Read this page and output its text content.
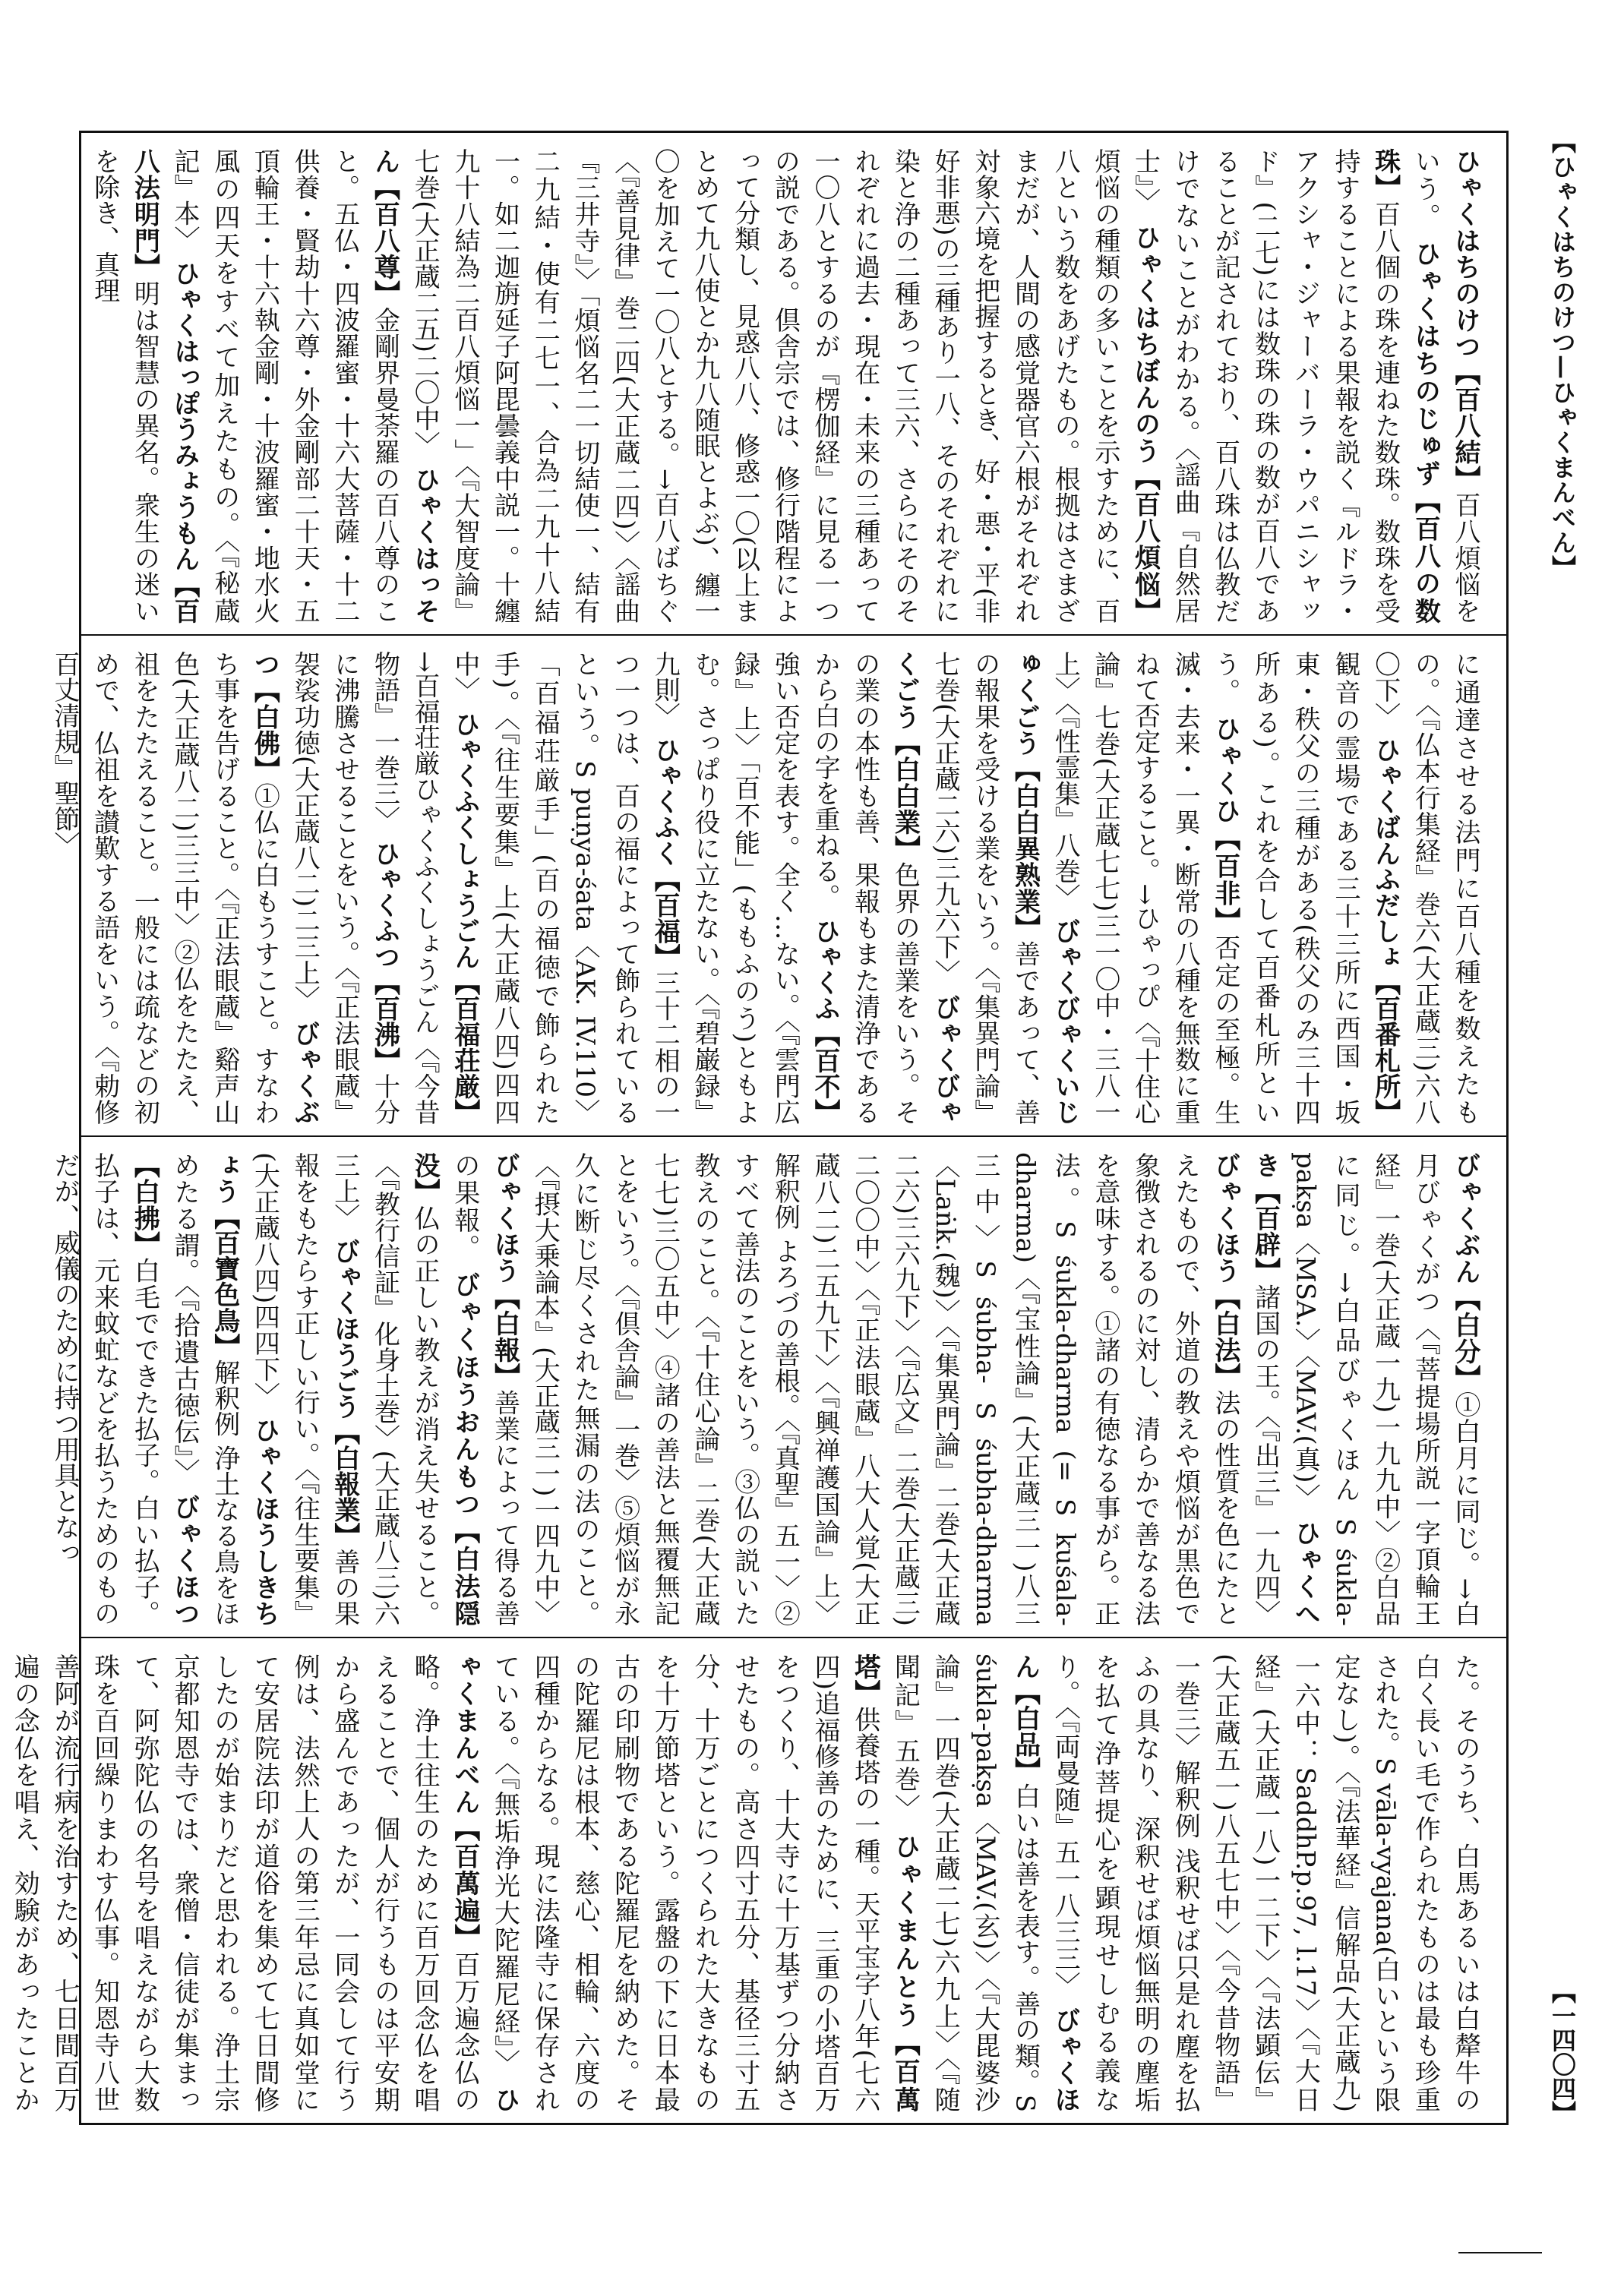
【ひゃくはちのけつ—ひゃくまんべん】
ひゃくはちのけつ【百八結】百八煩悩をいう。 ひゃくはちのじゅず【百八の数珠】百八個の珠を連ねた数珠。数珠を受持することによる果報を説く『ルドラ・アクシャ・ジャーバーラ・ウパニシャッド』(二七)には数珠の珠の数が百八であることが記されており、百八珠は仏教だけでないことがわかる。〈謡曲『自然居士』〉 ひゃくはちぼんのう【百八煩悩】煩悩の種類の多いことを示すために、百八という数をあげたもの。根拠はさまざまだが、人間の感覚器官六根がそれぞれ対象六境を把握するとき、好・悪・平(非好非悪)の三種あり一八、そのそれぞれに染と浄の二種あって三六、さらにそのそれぞれに過去・現在・未来の三種あって一〇八とするのが『楞伽経』に見る一つの説である。倶舎宗では、修行階程によって分類し、見惑八八、修惑一〇(以上まとめて九八使とか九八随眠とよぶ)、纏一〇を加えて一〇八とする。→百八ばちぐ〈『善見律』巻二四(大正蔵二四)〉〈謡曲『三井寺』〉「煩悩名二一切結使一、結有二九結・使有二七一、合為二九十八結一。如二迦旃延子阿毘曇義中説一。十纏九十八結為二百八煩悩一」〈『大智度論』七巻(大正蔵二五)二〇中〉 ひゃくはっそん【百八尊】金剛界曼荼羅の百八尊のこと。五仏・四波羅蜜・十六大菩薩・十二供養・賢劫十六尊・外金剛部二十天・五頂輪王・十六執金剛・十波羅蜜・地水火風の四天をすべて加えたもの。〈『秘蔵記』本〉 ひゃくはっぽうみょうもん【百八法明門】明は智慧の異名。衆生の迷いを除き、真理
に通達させる法門に百八種を数えたもの。〈『仏本行集経』巻六(大正蔵三)六八〇下〉 ひゃくばんふだしょ【百番札所】観音の霊場である三十三所に西国・坂東・秩父の三種がある(秩父のみ三十四所ある)。これを合して百番札所という。 ひゃくひ【百非】否定の至極。生滅・去来・一異・断常の八種を無数に重ねて否定すること。→ひゃっぴ〈『十住心論』七巻(大正蔵七七)三一〇中・三八一上〉〈『性霊集』八巻〉 びゃくびゃくいじゅくごう【白白異熟業】善であって、善の報果を受ける業をいう。〈『集異門論』七巻(大正蔵二六)三九六下〉 びゃくびゃくごう【白白業】色界の善業をいう。その業の本性も善、果報もまた清浄であるから白の字を重ねる。 ひゃくふ【百不】強い否定を表す。全く…ない。〈『雲門広録』上〉「百不能」(ももふのう)ともよむ。さっぱり役に立たない。〈『碧巌録』九則〉 ひゃくふく【百福】三十二相の一つ一つは、百の福によって飾られているという。S puṇya-śata〈AK. IV.110〉「百福荘厳手」(百の福徳で飾られた手)。〈『往生要集』上(大正蔵八四)四四中〉 ひゃくふくしょうごん【百福荘厳】→百福荘厳ひゃくふくしょうごん〈『今昔物語』一巻三〉 ひゃくふつ【百沸】十分に沸騰させることをいう。〈『正法眼蔵』袈裟功徳(大正蔵八二)二三上〉 びゃくぶつ【白佛】①仏に白もうすこと。すなわち事を告げること。〈『正法眼蔵』谿声山色(大正蔵八二)三三中〉②仏をたたえ、祖をたたえること。一般には疏などの初めで、仏祖を讃歎する語をいう。〈『勅修百丈清規』聖節〉
びゃくぶん【白分】①白月に同じ。→白月びゃくがつ〈『菩提場所説一字頂輪王経』一巻(大正蔵一九)一九九中〉②白品に同じ。→白品びゃくほん S śukla-pakṣa〈MSA.〉〈MAV.(真)〉 ひゃくへき【百辟】諸国の王。〈『出三』一九四〉 びゃくほう【白法】法の性質を色にたとえたもので、外道の教えや煩悩が黒色で象徴されるのに対し、清らかで善なる法を意味する。①諸の有徳なる事がら。正法。S śukla-dharma (= S kuśala-dharma)〈『宝性論』(大正蔵三一)八三三中〉S śubha- S śubha-dharma〈Laṅk.(魏)〉〈『集異門論』二巻(大正蔵二六)三六九下〉〈『広文』二巻(大正蔵三)二〇〇中〉〈『正法眼蔵』八大人覚(大正蔵八二)二五九下〉〈『興禅護国論』上〉解釈例 よろづの善根。〈『真聖』五一〉②すべて善法のことをいう。③仏の説いた教えのこと。〈『十住心論』二巻(大正蔵七七)三〇五中〉④諸の善法と無覆無記とをいう。〈『倶舎論』一巻〉⑤煩悩が永久に断じ尽くされた無漏の法のこと。〈『摂大乗論本』(大正蔵三一)一四九中〉 びゃくほう【白報】善業によって得る善の果報。 びゃくほうおんもつ【白法隠没】仏の正しい教えが消え失せること。〈『教行信証』化身土巻〉(大正蔵八三)六三上〉 びゃくほうごう【白報業】善の果報をもたらす正しい行い。〈『往生要集』(大正蔵八四)四四下〉 ひゃくほうしきちょう【百寶色鳥】解釈例 浄土なる鳥をほめたる謂。〈『拾遺古徳伝』〉 びゃくほつ【白拂】白毛でできた払子。白い払子。払子は、元来蚊虻などを払うためのものだが、威儀のために持つ用具となっ
た。そのうち、白馬あるいは白犛牛の白く長い毛で作られたものは最も珍重された。S vāla-vyajana(白いという限定なし)。〈『法華経』信解品(大正蔵九)一六中：SaddhP.p.97, l.17〉〈『大日経』(大正蔵一八)一二下〉〈『法顕伝』(大正蔵五一)八五七中〉〈『今昔物語』一巻三〉解釈例 浅釈せば只是れ塵を払ふの具なり、深釈せば煩悩無明の塵垢を払て浄菩提心を顕現せしむる義なり。〈『両曼随』五一八三三〉 びゃくほん【白品】白いは善を表す。善の類。S śukla-pakṣa〈MAV.(玄)〉〈『大毘婆沙論』一四巻(大正蔵二七)六九上〉〈『随聞記』五巻〉 ひゃくまんとう【百萬塔】供養塔の一種。天平宝字八年(七六四)追福修善のために、三重の小塔百万をつくり、十大寺に十万基ずつ分納させたもの。高さ四寸五分、基径三寸五分、十万ごとにつくられた大きなものを十万節塔という。露盤の下に日本最古の印刷物である陀羅尼を納めた。その陀羅尼は根本、慈心、相輪、六度の四種からなる。現に法隆寺に保存されている。〈『無垢浄光大陀羅尼経』〉 ひゃくまんべん【百萬遍】百万遍念仏の略。浄土往生のために百万回念仏を唱えることで、個人が行うものは平安期から盛んであったが、一同会して行う例は、法然上人の第三年忌に真如堂にて安居院法印が道俗を集めて七日間修したのが始まりだと思われる。浄土宗京都知恩寺では、衆僧・信徒が集まって、阿弥陀仏の名号を唱えながら大数珠を百回繰りまわす仏事。知恩寺八世善阿が流行病を治すため、七日間百万遍の念仏を唱え、効験があったことか	【一四〇四】
